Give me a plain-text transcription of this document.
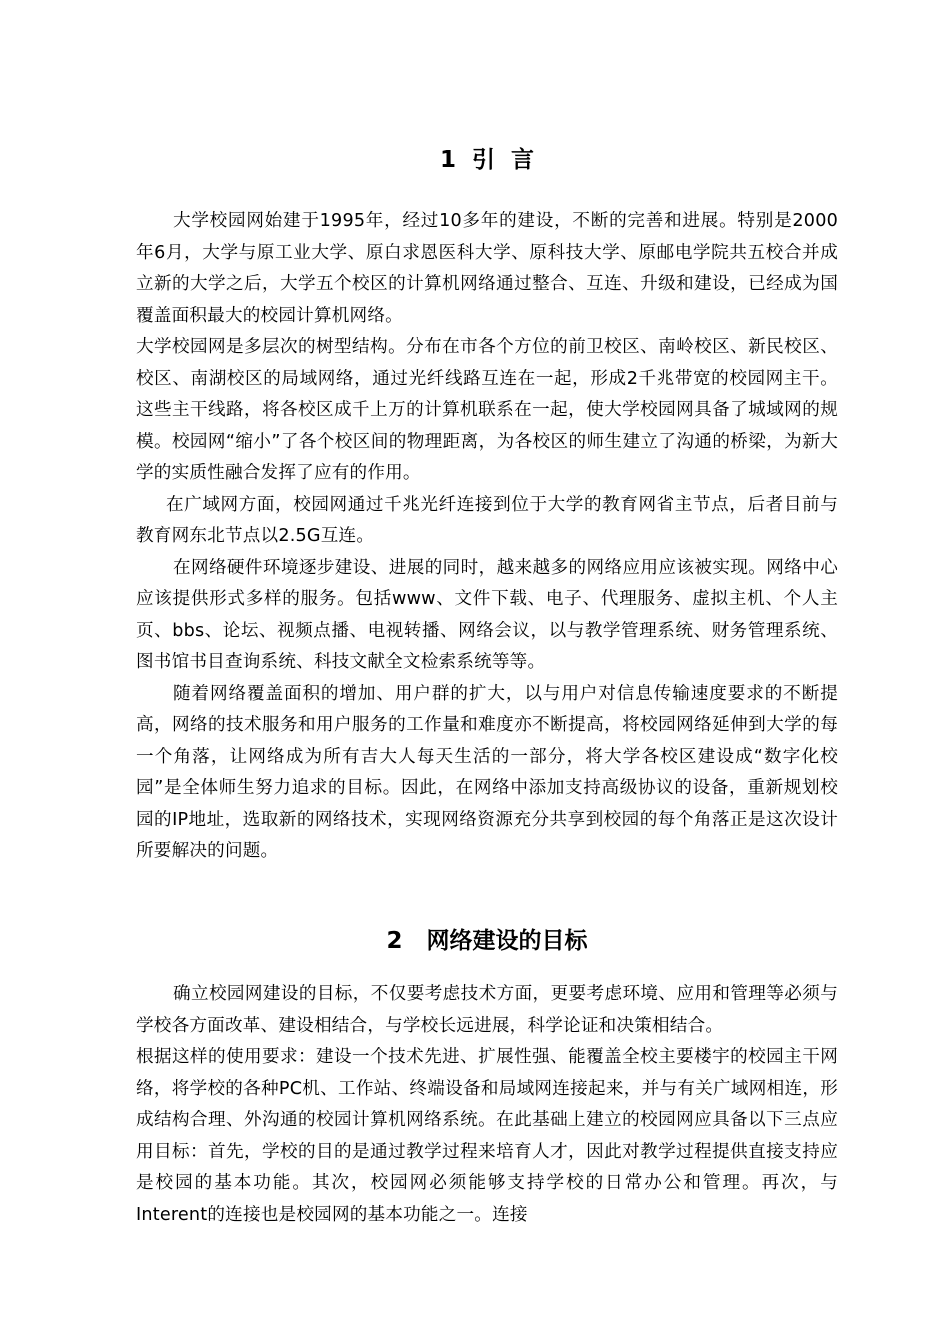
1 引  言

大学校园网始建于1995年，经过10多年的建设，不断的完善和进展。特别是2000年6月，大学与原工业大学、原白求恩医科大学、原科技大学、原邮电学院共五校合并成立新的大学之后，大学五个校区的计算机网络通过整合、互连、升级和建设，已经成为国覆盖面积最大的校园计算机网络。

大学校园网是多层次的树型结构。分布在市各个方位的前卫校区、南岭校区、新民校区、校区、南湖校区的局域网络，通过光纤线路互连在一起，形成2千兆带宽的校园网主干。这些主干线路，将各校区成千上万的计算机联系在一起，使大学校园网具备了城域网的规模。校园网“缩小”了各个校区间的物理距离，为各校区的师生建立了沟通的桥梁，为新大学的实质性融合发挥了应有的作用。

在广域网方面，校园网通过千兆光纤连接到位于大学的教育网省主节点，后者目前与教育网东北节点以2.5G互连。

在网络硬件环境逐步建设、进展的同时，越来越多的网络应用应该被实现。网络中心应该提供形式多样的服务。包括www、文件下载、电子、代理服务、虚拟主机、个人主页、bbs、论坛、视频点播、电视转播、网络会议，以与教学管理系统、财务管理系统、图书馆书目查询系统、科技文献全文检索系统等等。

随着网络覆盖面积的增加、用户群的扩大，以与用户对信息传输速度要求的不断提高，网络的技术服务和用户服务的工作量和难度亦不断提高，将校园网络延伸到大学的每一个角落，让网络成为所有吉大人每天生活的一部分，将大学各校区建设成“数字化校园”是全体师生努力追求的目标。因此，在网络中添加支持高级协议的设备，重新规划校园的IP地址，选取新的网络技术，实现网络资源充分共享到校园的每个角落正是这次设计所要解决的问题。

2 网络建设的目标

确立校园网建设的目标，不仅要考虑技术方面，更要考虑环境、应用和管理等必须与学校各方面改革、建设相结合，与学校长远进展，科学论证和决策相结合。

根据这样的使用要求：建设一个技术先进、扩展性强、能覆盖全校主要楼宇的校园主干网络，将学校的各种PC机、工作站、终端设备和局域网连接起来，并与有关广域网相连，形成结构合理、外沟通的校园计算机网络系统。在此基础上建立的校园网应具备以下三点应用目标：首先，学校的目的是通过教学过程来培育人才，因此对教学过程提供直接支持应是校园的基本功能。其次，校园网必须能够支持学校的日常办公和管理。再次，与Interent的连接也是校园网的基本功能之一。连接
